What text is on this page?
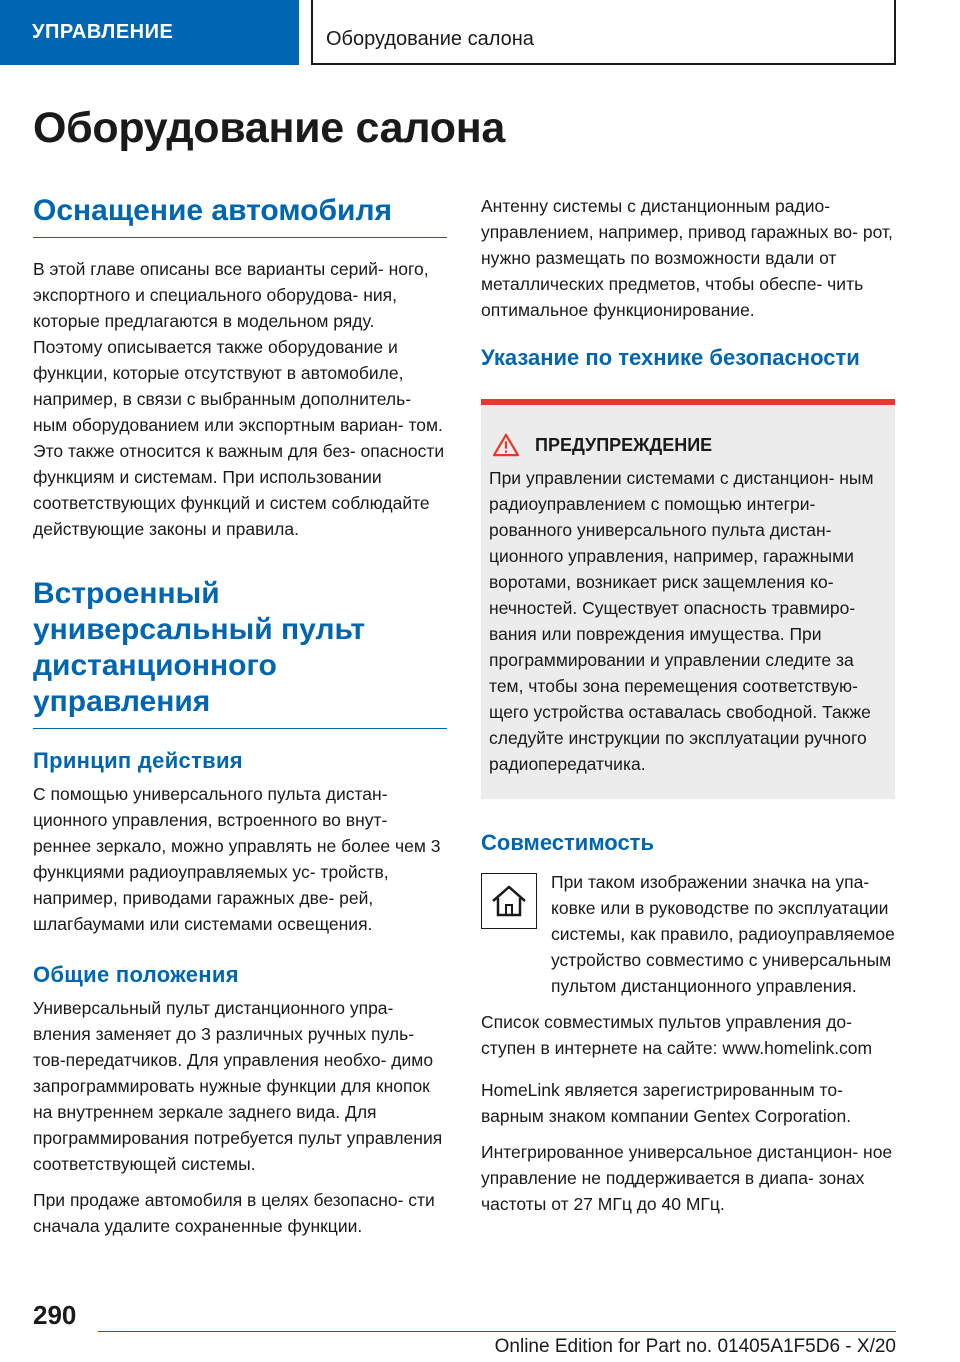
УПРАВЛЕНИЕ	Оборудование салона
Оборудование салона
Оснащение автомобиля

В этой главе описаны все варианты серий- ного, экспортного и специального оборудова- ния, которые предлагаются в модельном ряду. Поэтому описывается также оборудование и функции, которые отсутствуют в автомобиле, например, в связи с выбранным дополнитель- ным оборудованием или экспортным вариан- том. Это также относится к важным для без- опасности функциям и системам. При использовании соответствующих функций и систем соблюдайте действующие законы и правила.

Встроенный универсальный пульт дистанционного управления
Принцип действия

С помощью универсального пульта дистан- ционного управления, встроенного во внут- реннее зеркало, можно управлять не более чем 3 функциями радиоуправляемых ус- тройств, например, приводами гаражных две- рей, шлагбаумами или системами освещения.

Общие положения

Универсальный пульт дистанционного упра- вления заменяет до 3 различных ручных пуль- тов-передатчиков. Для управления необхо- димо запрограммировать нужные функции для кнопок на внутреннем зеркале заднего вида. Для программирования потребуется пульт управления соответствующей системы.

При продаже автомобиля в целях безопасно- сти сначала удалите сохраненные функции.

Антенну системы с дистанционным радио- управлением, например, привод гаражных во- рот, нужно размещать по возможности вдали от металлических предметов, чтобы обеспе- чить оптимальное функционирование.

Указание по технике безопасности
ПРЕДУПРЕЖДЕНИЕ

При управлении системами с дистанцион- ным радиоуправлением с помощью интегри- рованного универсального пульта дистан- ционного управления, например, гаражными воротами, возникает риск защемления ко- нечностей. Существует опасность травмиро- вания или повреждения имущества. При программировании и управлении следите за тем, чтобы зона перемещения соответствую- щего устройства оставалась свободной. Также следуйте инструкции по эксплуатации ручного радиопередатчика.

Совместимость

При таком изображении значка на упа- ковке или в руководстве по эксплуатации системы, как правило, радиоуправляемое устройство совместимо с универсальным пультом дистанционного управления.

Список совместимых пультов управления до- ступен в интернете на сайте: www.homelink.com

HomeLink является зарегистрированным то- варным знаком компании Gentex Corporation.

Интегрированное универсальное дистанцион- ное управление не поддерживается в диапа- зонах частоты от 27 МГц до 40 МГц.

290
Online Edition for Part no. 01405A1F5D6 - X/20
